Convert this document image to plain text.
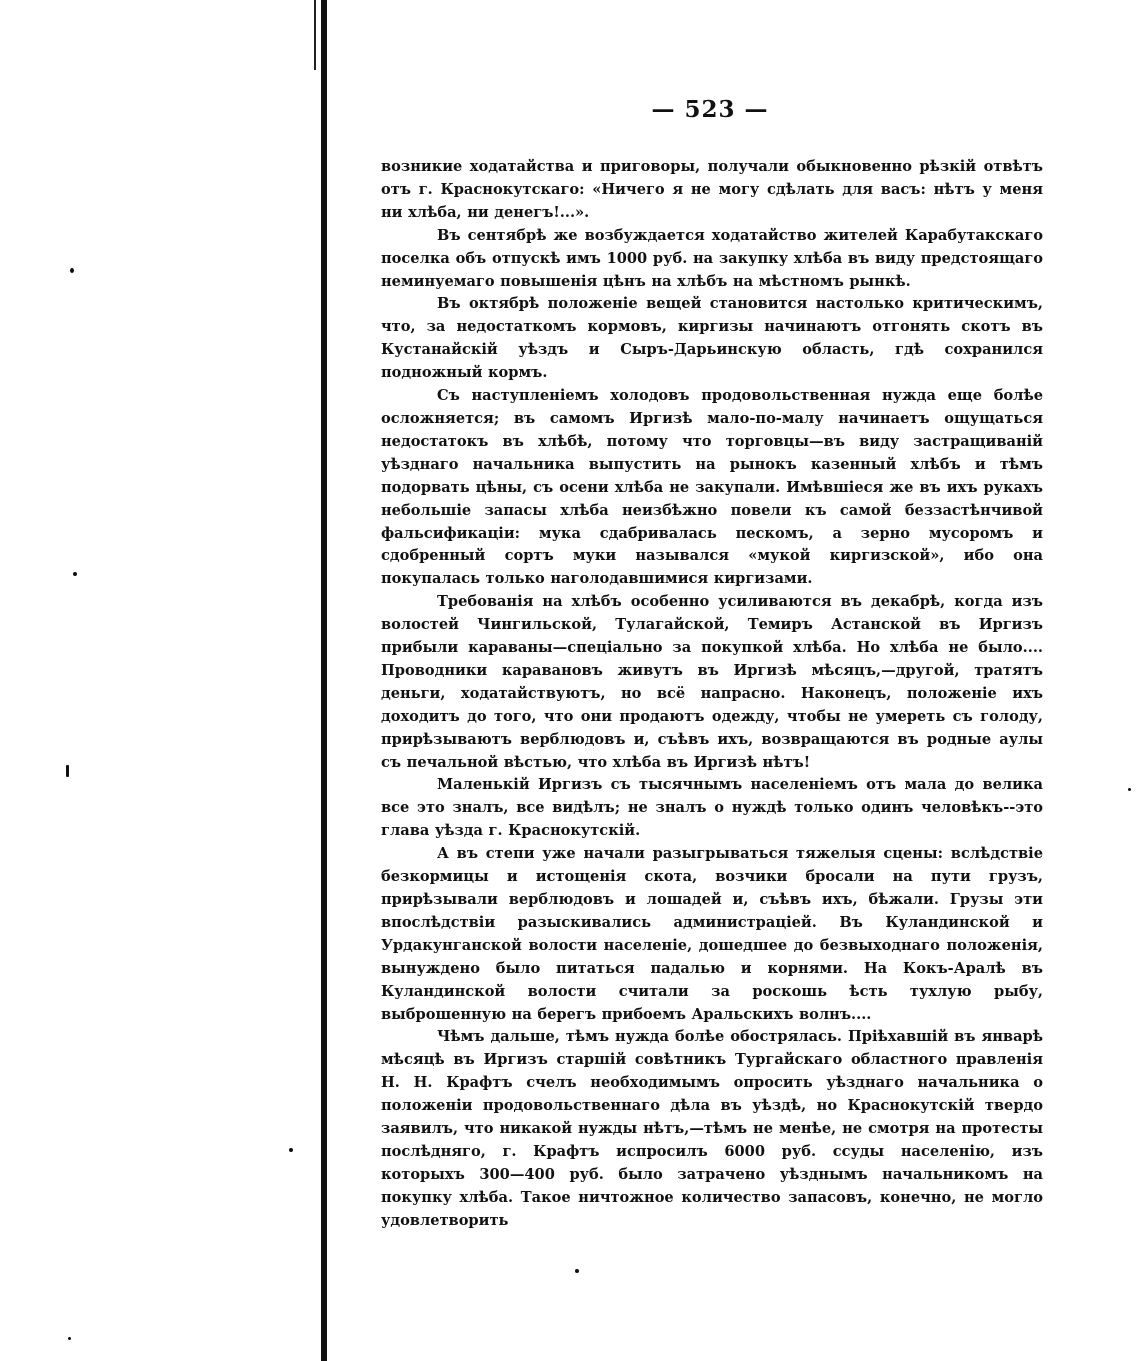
— 523 —

возникие ходатайства и приговоры, получали обыкновенно рѣзкій отвѣтъ отъ г. Краснокутскаго: «Ничего я не могу сдѣлать для васъ: нѣтъ у меня ни хлѣба, ни денегъ!...».

Въ сентябрѣ же возбуждается ходатайство жителей Карабутакскаго поселка объ отпускѣ имъ 1000 руб. на закупку хлѣба въ виду предстоящаго неминуемаго повышенія цѣнъ на хлѣбъ на мѣстномъ рынкѣ.

Въ октябрѣ положеніе вещей становится настолько критическимъ, что, за недостаткомъ кормовъ, киргизы начинаютъ отгонять скотъ въ Кустанайскій уѣздъ и Сыръ-Дарьинскую область, гдѣ сохранился подножный кормъ.

Съ наступленіемъ холодовъ продовольственная нужда еще болѣе осложняется; въ самомъ Иргизѣ мало-по-малу начинаетъ ощущаться недостатокъ въ хлѣбѣ, потому что торговцы—въ виду застращиваній уѣзднаго начальника выпустить на рынокъ казенный хлѣбъ и тѣмъ подорвать цѣны, съ осени хлѣба не закупали. Имѣвшіеся же въ ихъ рукахъ небольшіе запасы хлѣба неизбѣжно повели къ самой беззастѣнчивой фальсификаціи: мука сдабривалась пескомъ, а зерно мусоромъ и сдобренный сортъ муки назывался «мукой киргизской», ибо она покупалась только наголодавшимися киргизами.

Требованія на хлѣбъ особенно усиливаются въ декабрѣ, когда изъ волостей Чингильской, Тулагайской, Темиръ Астанской въ Иргизъ прибыли караваны—спеціально за покупкой хлѣба. Но хлѣба не было.... Проводники каравановъ живутъ въ Иргизѣ мѣсяцъ,—другой, тратятъ деньги, ходатайствуютъ, но всё напрасно. Наконецъ, положеніе ихъ доходитъ до того, что они продаютъ одежду, чтобы не умереть съ голоду, прирѣзываютъ верблюдовъ и, съѣвъ ихъ, возвращаются въ родные аулы съ печальной вѣстью, что хлѣба въ Иргизѣ нѣтъ!

Маленькій Иргизъ съ тысячнымъ населеніемъ отъ мала до велика все это зналъ, все видѣлъ; не зналъ о нуждѣ только одинъ человѣкъ--это глава уѣзда г. Краснокутскій.

А въ степи уже начали разыгрываться тяжелыя сцены: вслѣдствіе безкормицы и истощенія скота, возчики бросали на пути грузъ, прирѣзывали верблюдовъ и лошадей и, съѣвъ ихъ, бѣжали. Грузы эти впослѣдствіи разыскивались администраціей. Въ Куландинской и Урдакунганской волости населеніе, дошедшее до безвыходнаго положенія, вынуждено было питаться падалью и корнями. На Кокъ-Аралѣ въ Куландинской волости считали за роскошь ѣсть тухлую рыбу, выброшенную на берегъ прибоемъ Аральскихъ волнъ....

Чѣмъ дальше, тѣмъ нужда болѣе обострялась. Пріѣхавшій въ январѣ мѣсяцѣ въ Иргизъ старшій совѣтникъ Тургайскаго областного правленія Н. Н. Крафтъ счелъ необходимымъ опросить уѣзднаго начальника о положеніи продовольственнаго дѣла въ уѣздѣ, но Краснокутскій твердо заявилъ, что никакой нужды нѣтъ,—тѣмъ не менѣе, не смотря на протесты послѣдняго, г. Крафтъ испросилъ 6000 руб. ссуды населенію, изъ которыхъ 300—400 руб. было затрачено уѣзднымъ начальникомъ на покупку хлѣба. Такое ничтожное количество запасовъ, конечно, не могло удовлетворить
